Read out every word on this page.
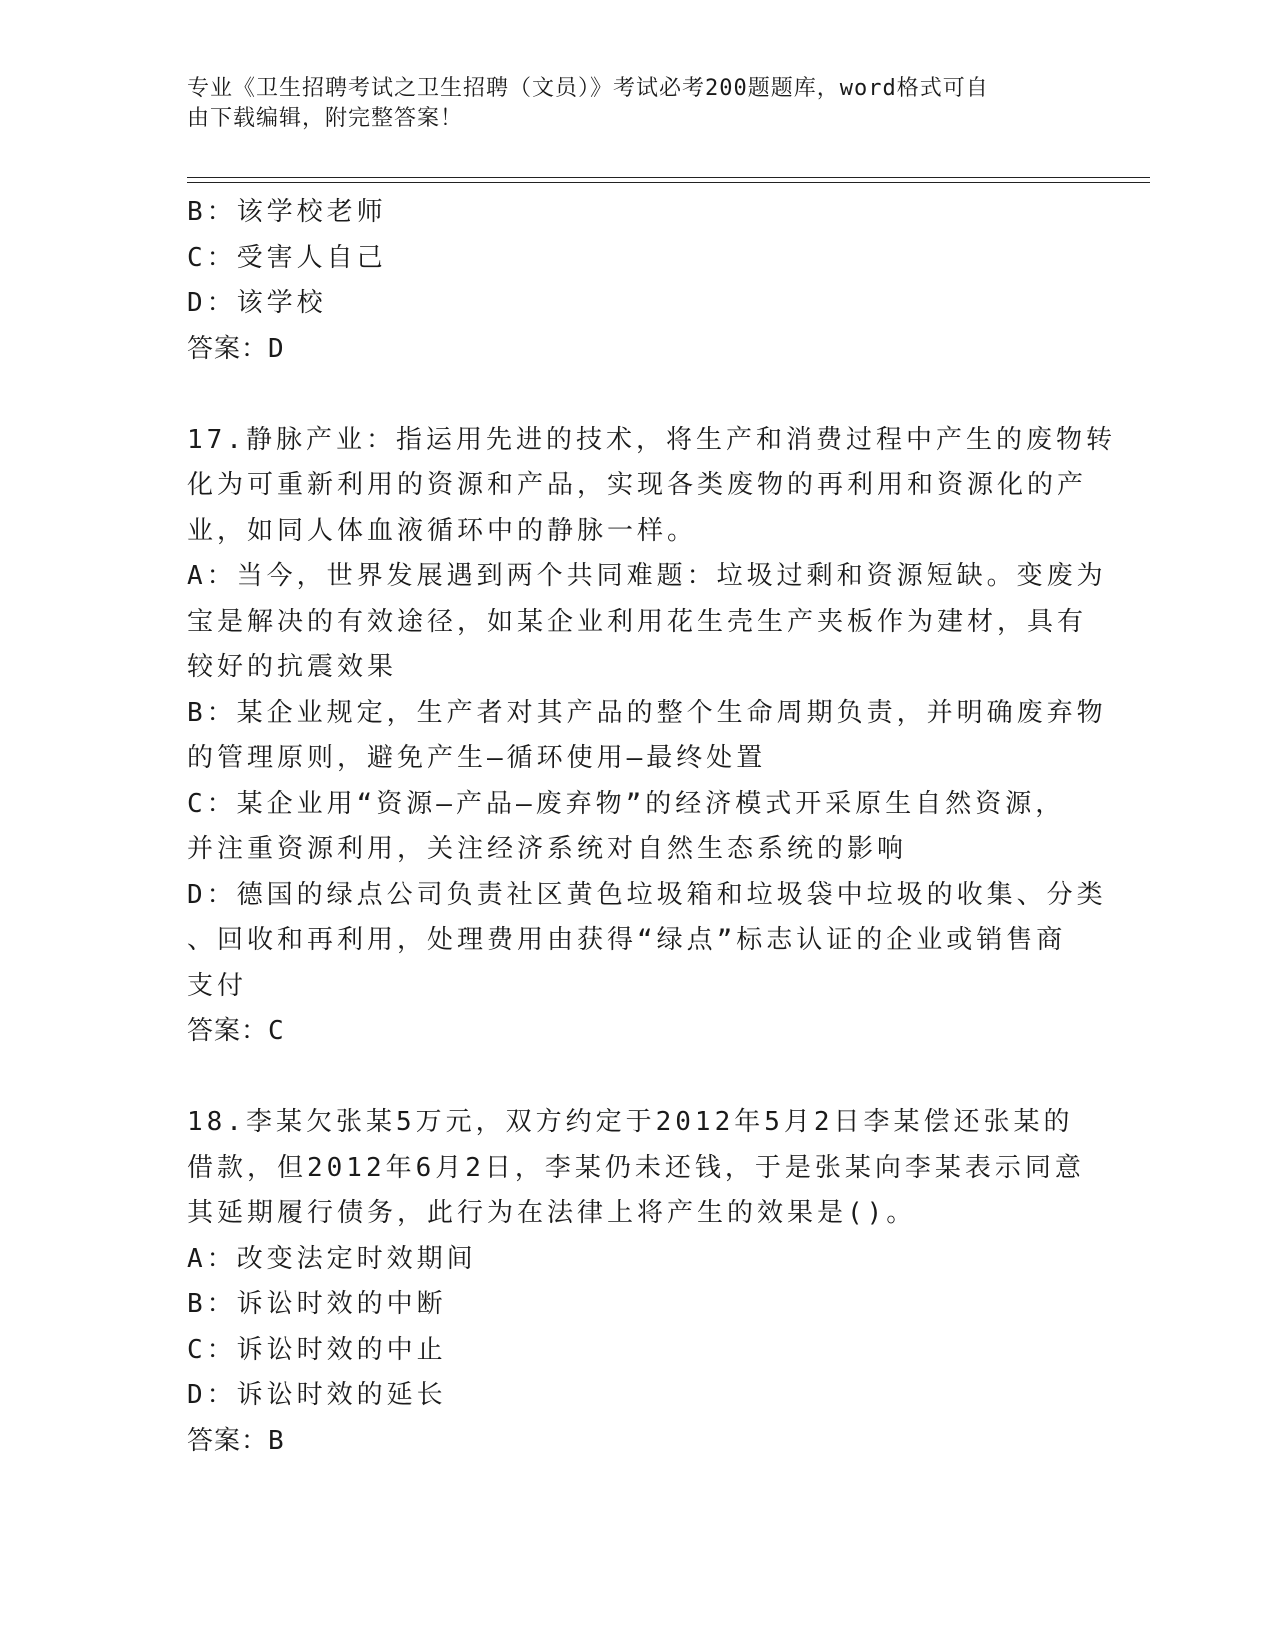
专业《卫生招聘考试之卫生招聘（文员）》考试必考200题题库，word格式可自
由下载编辑，附完整答案！
B：该学校老师
C：受害人自己
D：该学校
答案：D
17.静脉产业：指运用先进的技术，将生产和消费过程中产生的废物转
化为可重新利用的资源和产品，实现各类废物的再利用和资源化的产
业，如同人体血液循环中的静脉一样。
A：当今，世界发展遇到两个共同难题：垃圾过剩和资源短缺。变废为
宝是解决的有效途径，如某企业利用花生壳生产夹板作为建材，具有
较好的抗震效果
B：某企业规定，生产者对其产品的整个生命周期负责，并明确废弃物
的管理原则，避免产生—循环使用—最终处置
C：某企业用“资源—产品—废弃物”的经济模式开采原生自然资源，
并注重资源利用，关注经济系统对自然生态系统的影响
D：德国的绿点公司负责社区黄色垃圾箱和垃圾袋中垃圾的收集、分类
、回收和再利用，处理费用由获得“绿点”标志认证的企业或销售商
支付
答案：C
18.李某欠张某5万元，双方约定于2012年5月2日李某偿还张某的
借款，但2012年6月2日，李某仍未还钱，于是张某向李某表示同意
其延期履行债务，此行为在法律上将产生的效果是()。
A：改变法定时效期间
B：诉讼时效的中断
C：诉讼时效的中止
D：诉讼时效的延长
答案：B
